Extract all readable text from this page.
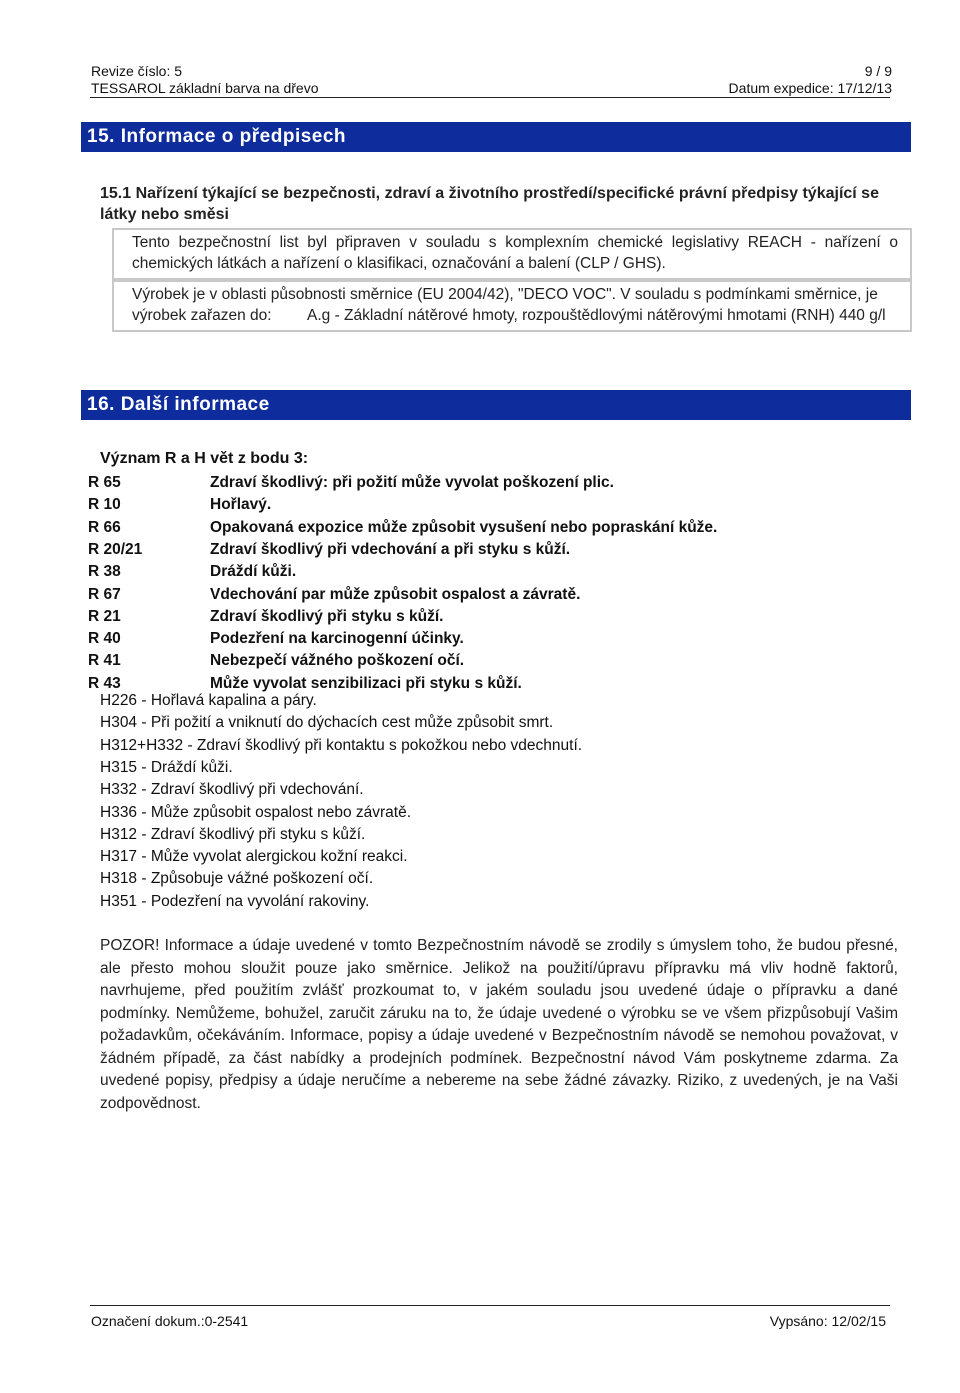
Revize číslo: 5	9 / 9
TESSAROL základní barva na dřevo	Datum expedice: 17/12/13
15. Informace o předpisech
15.1 Nařízení týkající se bezpečnosti, zdraví a životního prostředí/specifické právní předpisy týkající se látky nebo směsi

Tento bezpečnostní list byl připraven v souladu s komplexním chemické legislativy REACH - nařízení o chemických látkách a nařízení o klasifikaci, označování a balení (CLP / GHS).

Výrobek je v oblasti působnosti směrnice (EU 2004/42), "DECO VOC". V souladu s podmínkami směrnice, je

výrobek zařazen do: A.g - Základní nátěrové hmoty, rozpouštědlovými nátěrovými hmotami (RNH) 440 g/l

16. Další informace
Význam R a H vět z bodu 3:
R 65	Zdraví škodlivý: při požití může vyvolat poškození plic.
R 10	Hořlavý.
R 66	Opakovaná expozice může způsobit vysušení nebo popraskání kůže.
R 20/21	Zdraví škodlivý při vdechování a při styku s kůží.
R 38	Dráždí kůži.
R 67	Vdechování par může způsobit ospalost a závratě.
R 21	Zdraví škodlivý při styku s kůží.
R 40	Podezření na karcinogenní účinky.
R 41	Nebezpečí vážného poškození očí.
R 43	Může vyvolat senzibilizaci při styku s kůží.
H226 - Hořlavá kapalina a páry.
H304 - Při požití a vniknutí do dýchacích cest může způsobit smrt.
H312+H332 - Zdraví škodlivý při kontaktu s pokožkou nebo vdechnutí.
H315 - Dráždí kůži.
H332 - Zdraví škodlivý při vdechování.
H336 - Může způsobit ospalost nebo závratě.
H312 - Zdraví škodlivý při styku s kůží.
H317 - Může vyvolat alergickou kožní reakci.
H318 - Způsobuje vážné poškození očí.
H351 - Podezření na vyvolání rakoviny.
POZOR! Informace a údaje uvedené v tomto Bezpečnostním návodě se zrodily s úmyslem toho, že budou přesné, ale přesto mohou sloužit pouze jako směrnice. Jelikož na použití/úpravu přípravku má vliv hodně faktorů, navrhujeme, před použitím zvlášť prozkoumat to, v jakém souladu jsou uvedené údaje o přípravku a dané podmínky. Nemůžeme, bohužel, zaručit záruku na to, že údaje uvedené o výrobku se ve všem přizpůsobují Vašim požadavkům, očekáváním. Informace, popisy a údaje uvedené v Bezpečnostním návodě se nemohou považovat, v žádném případě, za část nabídky a prodejních podmínek. Bezpečnostní návod Vám poskytneme zdarma. Za uvedené popisy, předpisy a údaje neručíme a nebereme na sebe žádné závazky. Riziko, z uvedených, je na Vaši zodpovědnost.
Označení dokum.:0-2541	Vypsáno: 12/02/15
